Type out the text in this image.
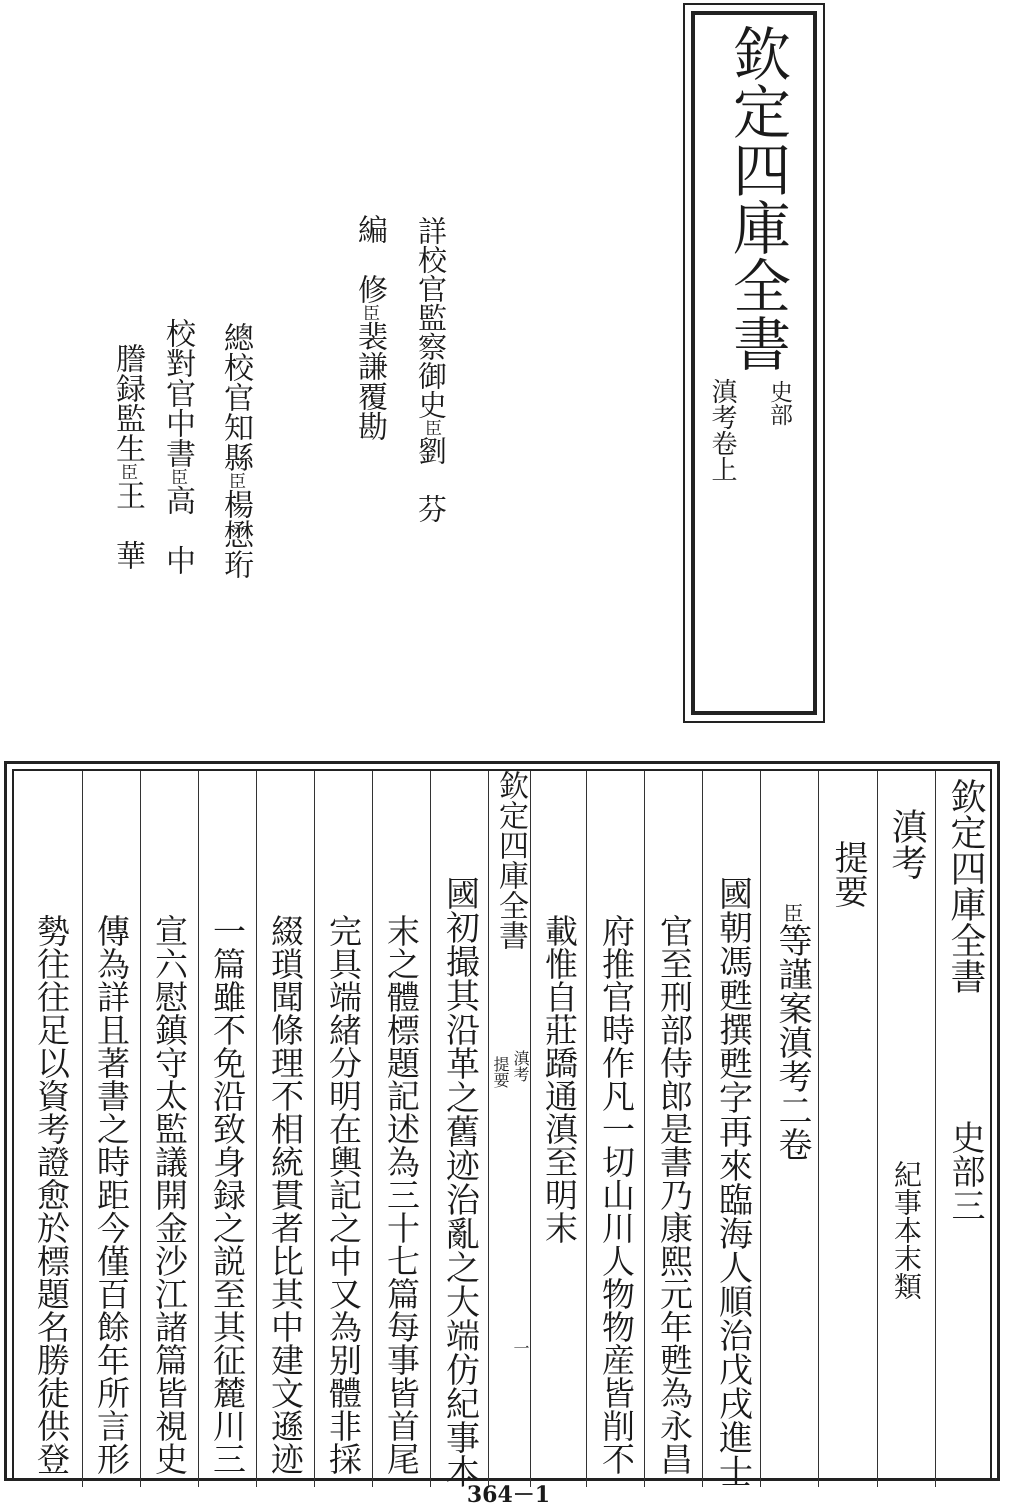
欽定四庫全書
史部
滇考卷上
詳校官監察御史臣劉　芬
編　修臣裴謙覆勘
總校官知縣臣楊懋珩
校對官中書臣高　中
謄録監生臣王　華
欽定四庫全書
史部三
滇考
紀事本末類
提要
臣等謹案滇考二卷
國朝馮甦撰甦字再來臨海人順治戊戌進士
官至刑部侍郎是書乃康熙元年甦為永昌
府推官時作凡一切山川人物物産皆削不
載惟自莊蹻通滇至明末
欽定四庫全書
滇考
提要
一
國初撮其沿革之舊迹治亂之大端仿紀事本
末之體標題記述為三十七篇每事皆首尾
完具端緒分明在輿記之中又為别體非採
綴瑣聞條理不相統貫者比其中建文遜迹
一篇雖不免沿致身録之説至其征麓川三
宣六慰鎮守太監議開金沙江諸篇皆視史
傳為詳且著書之時距今僅百餘年所言形
勢往往足以資考證愈於標題名勝徒供登
364－1
